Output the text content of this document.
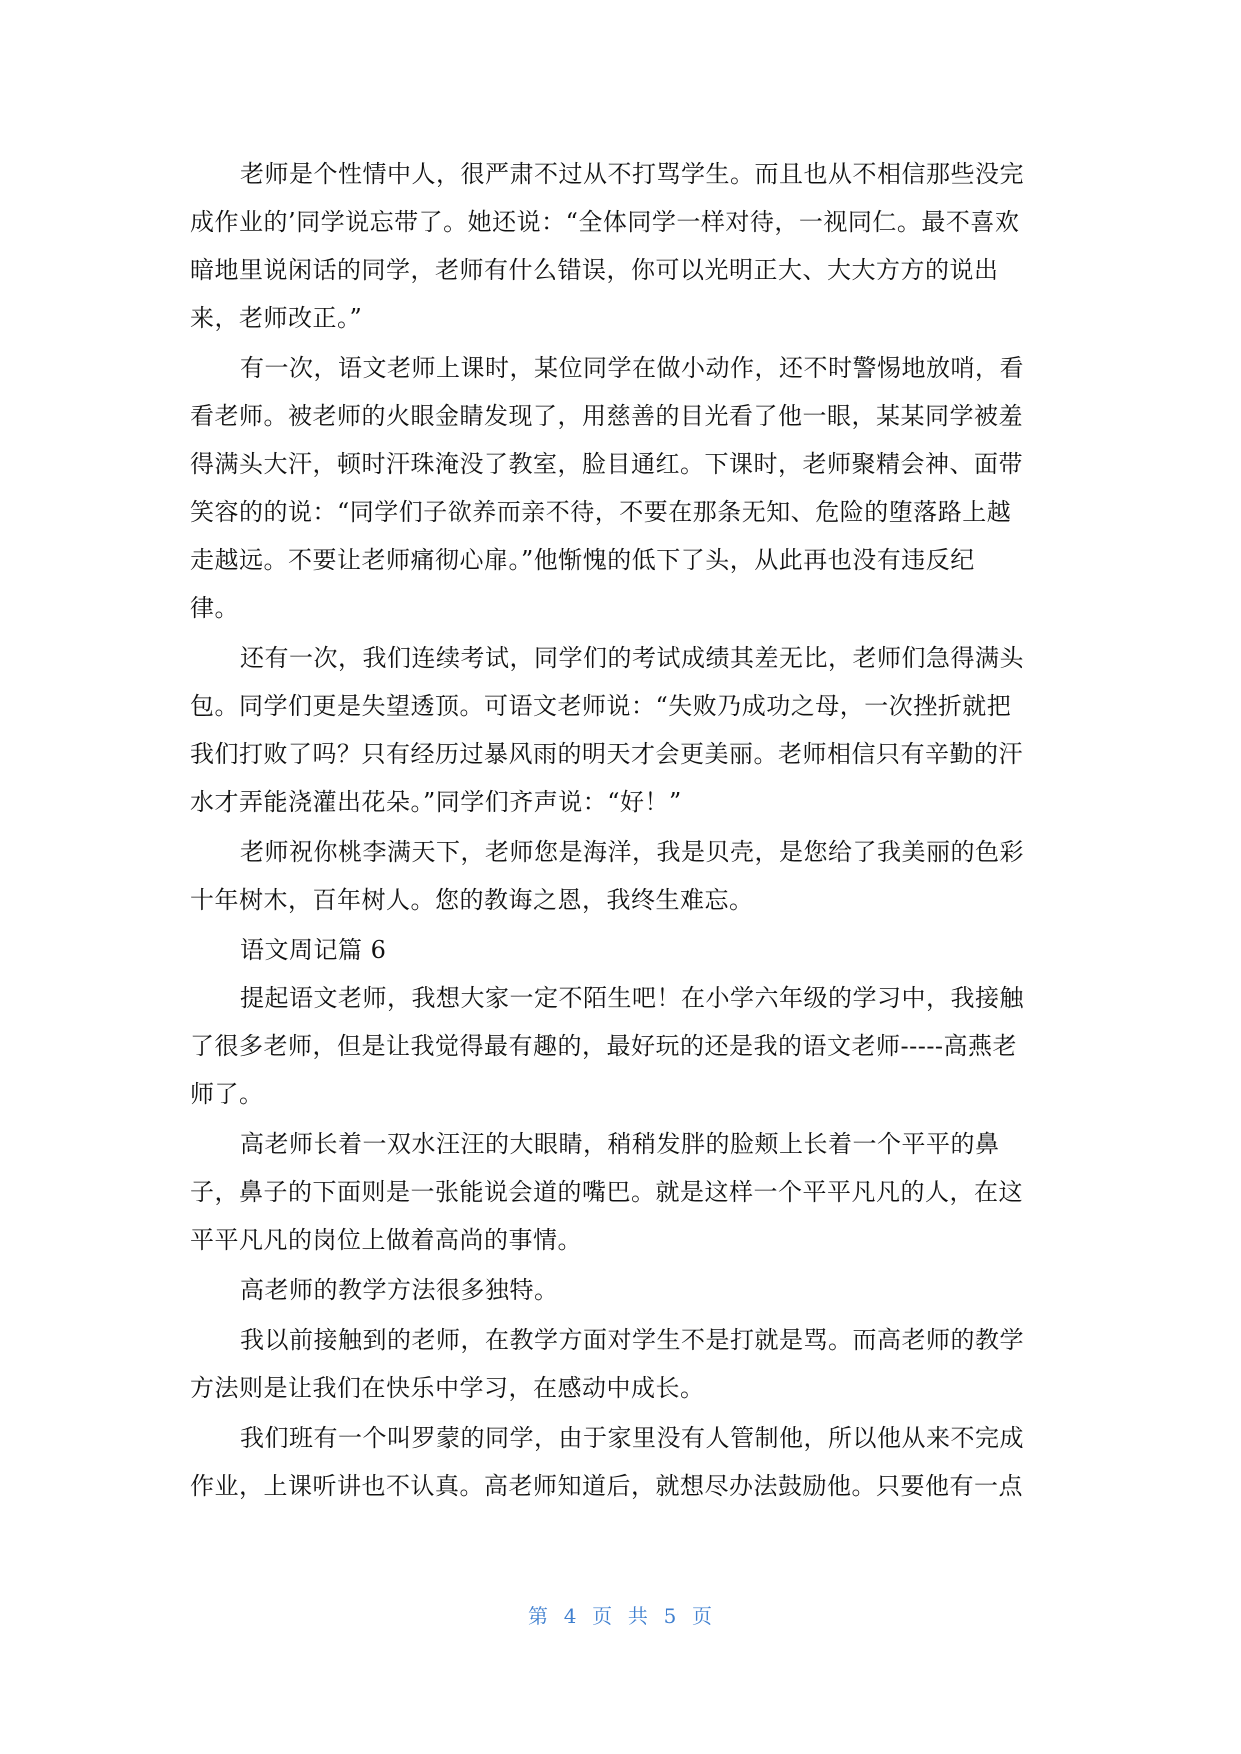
老师是个性情中人，很严肃不过从不打骂学生。而且也从不相信那些没完
成作业的’同学说忘带了。她还说：“全体同学一样对待，一视同仁。最不喜欢
暗地里说闲话的同学，老师有什么错误，你可以光明正大、大大方方的说出
来，老师改正。”
有一次，语文老师上课时，某位同学在做小动作，还不时警惕地放哨，看
看老师。被老师的火眼金睛发现了，用慈善的目光看了他一眼，某某同学被羞
得满头大汗，顿时汗珠淹没了教室，脸目通红。下课时，老师聚精会神、面带
笑容的的说：“同学们子欲养而亲不待，不要在那条无知、危险的堕落路上越
走越远。不要让老师痛彻心扉。”他惭愧的低下了头，从此再也没有违反纪
律。
还有一次，我们连续考试，同学们的考试成绩其差无比，老师们急得满头
包。同学们更是失望透顶。可语文老师说：“失败乃成功之母，一次挫折就把
我们打败了吗？只有经历过暴风雨的明天才会更美丽。老师相信只有辛勤的汗
水才弄能浇灌出花朵。”同学们齐声说：“好！”
老师祝你桃李满天下，老师您是海洋，我是贝壳，是您给了我美丽的色彩
十年树木，百年树人。您的教诲之恩，我终生难忘。
语文周记篇 6
提起语文老师，我想大家一定不陌生吧！在小学六年级的学习中，我接触
了很多老师，但是让我觉得最有趣的，最好玩的还是我的语文老师-----高燕老
师了。
高老师长着一双水汪汪的大眼睛，稍稍发胖的脸颊上长着一个平平的鼻
子，鼻子的下面则是一张能说会道的嘴巴。就是这样一个平平凡凡的人，在这
平平凡凡的岗位上做着高尚的事情。
高老师的教学方法很多独特。
我以前接触到的老师，在教学方面对学生不是打就是骂。而高老师的教学
方法则是让我们在快乐中学习，在感动中成长。
我们班有一个叫罗蒙的同学，由于家里没有人管制他，所以他从来不完成
作业，上课听讲也不认真。高老师知道后，就想尽办法鼓励他。只要他有一点
第  4  页  共  5  页
